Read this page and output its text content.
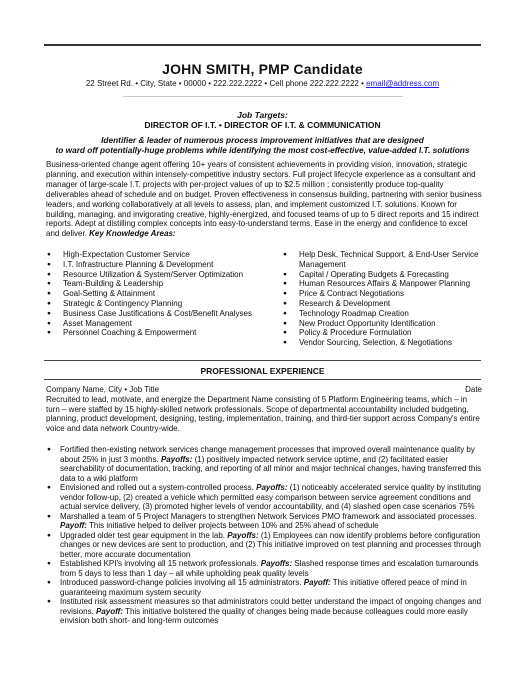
JOHN SMITH, PMP Candidate
22 Street Rd. • City, State • 00000 • 222.222.2222 • Cell phone 222.222.2222 • email@address.com
Job Targets:
DIRECTOR OF I.T. • DIRECTOR OF I.T. & COMMUNICATION
Identifier & leader of numerous process improvement initiatives that are designed
to ward off potentially-huge problems while identifying the most cost-effective, value-added I.T. solutions
Business-oriented change agent offering 10+ years of consistent achievements in providing vision, innovation, strategic planning, and execution within intensely-competitive industry sectors. Full project lifecycle experience as a consultant and manager of large-scale I.T. projects with per-project values of up to $2.5 million ; consistently produce top-quality deliverables ahead of schedule and on budget. Proven effectiveness in consensus building, partnering with senior business leaders, and working collaboratively at all levels to assess, plan, and implement customized I.T. solutions. Known for building, managing, and invigorating creative, highly-energized, and focused teams of up to 5 direct reports and 15 indirect reports. Adept at distilling complex concepts into easy-to-understand terms. Ease in the energy and confidence to excel and deliver. Key Knowledge Areas:
● High-Expectation Customer Service
● I.T. Infrastructure Planning & Development
● Resource Utilization & System/Server Optimization
● Team-Building & Leadership
● Goal-Setting & Attainment
● Strategic & Contingency Planning
● Business Case Justifications & Cost/Benefit Analyses
● Asset Management
● Personnel Coaching & Empowerment
● Help Desk, Technical Support, & End-User Service Management
● Capital / Operating Budgets & Forecasting
● Human Resources Affairs & Manpower Planning
● Price & Contract Negotiations
● Research & Development
● Technology Roadmap Creation
● New Product Opportunity Identification
● Policy & Procedure Formulation
● Vendor Sourcing, Selection, & Negotiations
PROFESSIONAL EXPERIENCE
Company Name, City • Job Title	Date
Recruited to lead, motivate, and energize the Department Name consisting of 5 Platform Engineering teams, which – in turn – were staffed by 15 highly-skilled network professionals. Scope of departmental accountability included budgeting, planning, product development, designing, testing, implementation, training, and third-tier support across Company's entire voice and data network Country-wide.
● Fortified then-existing network services change management processes that improved overall maintenance quality by about 25% in just 3 months. Payoffs: (1) positively impacted network service uptime, and (2) facilitated easier searchability of documentation, tracking, and reporting of all minor and major technical changes, having transferred this data to a wiki platform
● Envisioned and rolled out a system-controlled process. Payoffs: (1) noticeably accelerated service quality by instituting vendor follow-up, (2) created a vehicle which permitted easy comparison between service agreement conditions and actual service delivery, (3) promoted higher levels of vendor accountability, and (4) slashed open case scenarios 75%
● Marshalled a team of 5 Project Managers to strengthen Network Services PMO framework and associated processes. Payoff: This initiative helped to deliver projects between 10% and 25% ahead of schedule
● Upgraded older test gear equipment in the lab. Payoffs: (1) Employees can now identify problems before configuration changes or new devices are sent to production, and (2) This initiative improved on test planning and processes through better, more accurate documentation
● Established KPI's involving all 15 network professionals. Payoffs: Slashed response times and escalation turnarounds from 5 days to less than 1 day – all while upholding peak quality levels
● Introduced password-change policies involving all 15 administrators. Payoff: This initiative offered peace of mind in guaranteeing maximum system security
● Instituted risk assessment measures so that administrators could better understand the impact of ongoing changes and revisions. Payoff: This initiative bolstered the quality of changes being made because colleagues could more easily envision both short- and long-term outcomes
